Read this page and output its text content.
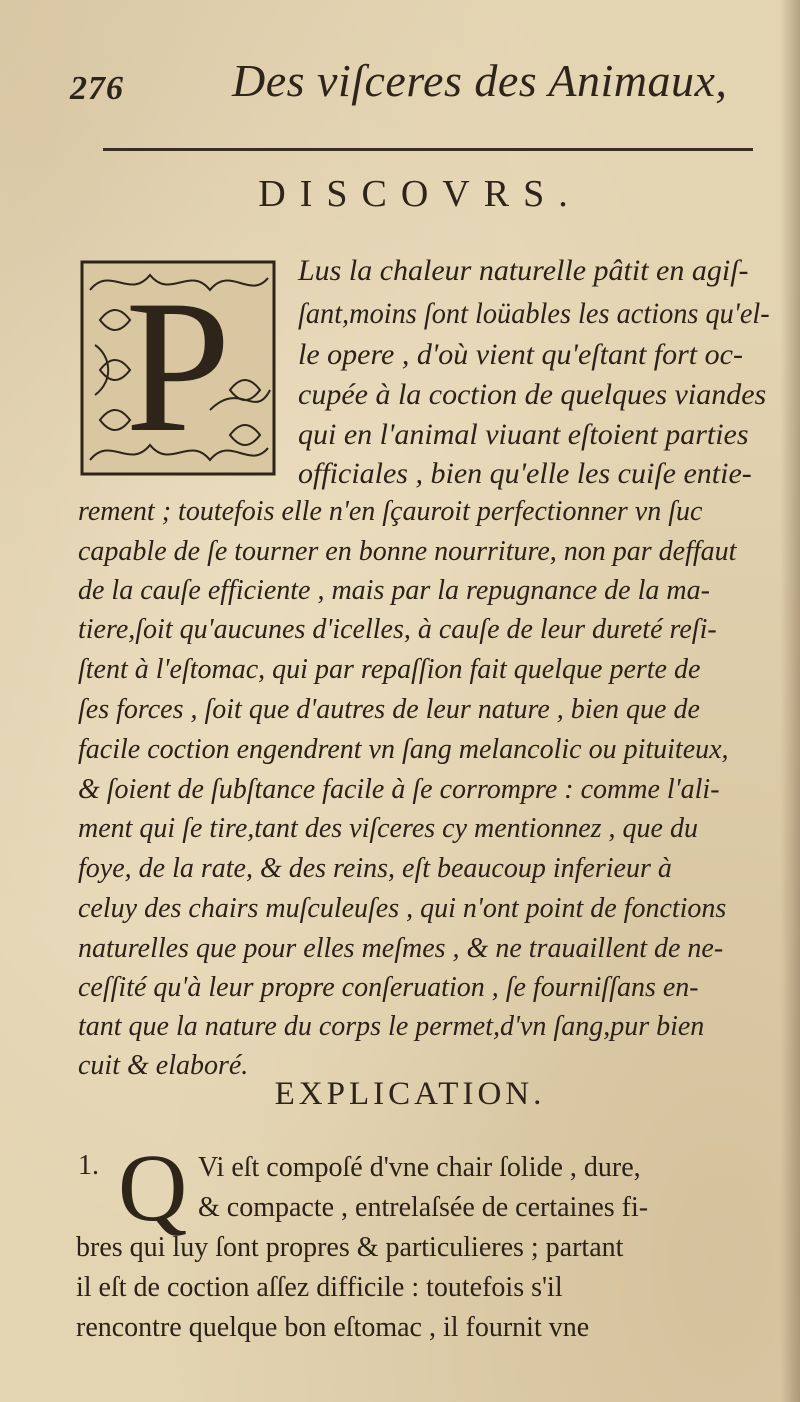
276 Des viſceres des Animaux,
DISCOVRS.
P Lus la chaleur naturelle pâtit en agiſ-
ſant,moins ſont loüables les actions qu'el-
le opere , d'où vient qu'eſtant fort oc-
cupée à la coction de quelques viandes
qui en l'animal viuant eſtoient parties
officiales , bien qu'elle les cuiſe entie-
rement ; toutefois elle n'en ſçauroit perfectionner vn ſuc
capable de ſe tourner en bonne nourriture, non par deffaut
de la cauſe efficiente , mais par la repugnance de la ma-
tiere,ſoit qu'aucunes d'icelles, à cauſe de leur dureté reſi-
ſtent à l'eſtomac, qui par repaſſion fait quelque perte de
ſes forces , ſoit que d'autres de leur nature , bien que de
facile coction engendrent vn ſang melancolic ou pituiteux,
& ſoient de ſubſtance facile à ſe corrompre : comme l'ali-
ment qui ſe tire,tant des viſceres cy mentionnez , que du
foye, de la rate, & des reins, eſt beaucoup inferieur à
celuy des chairs muſculeuſes , qui n'ont point de fonctions
naturelles que pour elles meſmes , & ne trauaillent de ne-
ceſſité qu'à leur propre conſeruation , ſe fourniſſans en-
tant que la nature du corps le permet,d'vn ſang,pur bien
cuit & elaboré.
EXPLICATION.
1. Q Vi eſt compoſé d'vne chair ſolide , dure,
& compacte , entrelaſsée de certaines fi-
bres qui luy ſont propres & particulieres ; partant
il eſt de coction aſſez difficile : toutefois s'il
rencontre quelque bon eſtomac , il fournit vne
